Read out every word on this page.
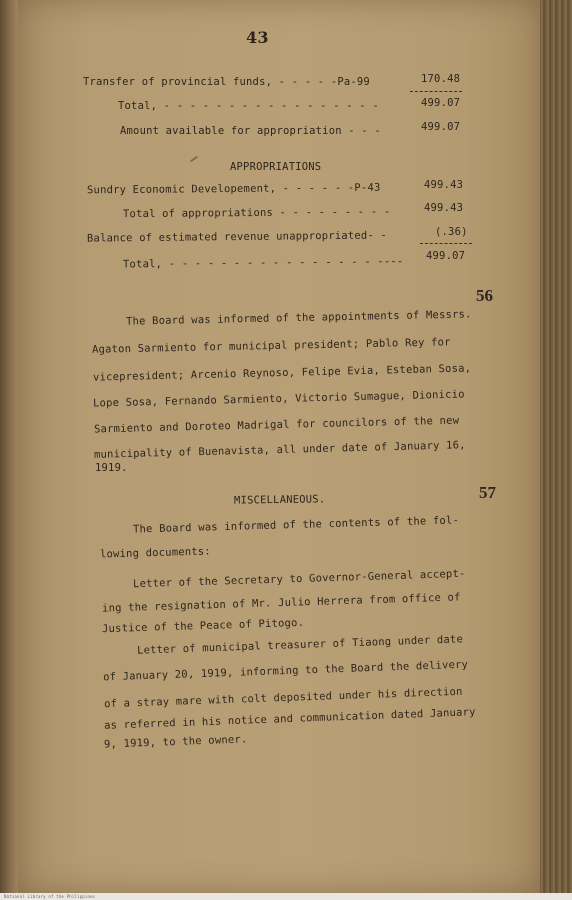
43
Transfer of provincial funds, - - - - -Pa-99	170.48
Total, - - - - - - - - - - - - - - - - -	499.07
Amount available for appropriation - - -	499.07
APPROPRIATIONS
Sundry Economic Developement, - - - - - -P-43	499.43
Total of appropriations - - - - - - - - -	499.43
Balance of estimated revenue unappropriated- -	(.36)
Total, - - - - - - - - - - - - - - - - ---- 499.07
56
The Board was informed of the appointments of Messrs.
Agaton Sarmiento for municipal president; Pablo Rey for
vicepresident; Arcenio Reynoso, Felipe Evia, Esteban Sosa,
Lope Sosa, Fernando Sarmiento, Victorio Sumague, Dionicio
Sarmiento and Doroteo Madrigal for councilors of the new
municipality of Buenavista, all under date of January 16,
1919.
MISCELLANEOUS.	57
The Board was informed of the contents of the fol-
lowing documents:
Letter of the Secretary to Governor-General accept-
ing the resignation of Mr. Julio Herrera from office of
Justice of the Peace of Pitogo.
Letter of municipal treasurer of Tiaong under date
of January 20, 1919, informing to the Board the delivery
of a stray mare with colt deposited under his direction
as referred in his notice and communication dated January
9, 1919, to the owner.
National Library of the Philippines
